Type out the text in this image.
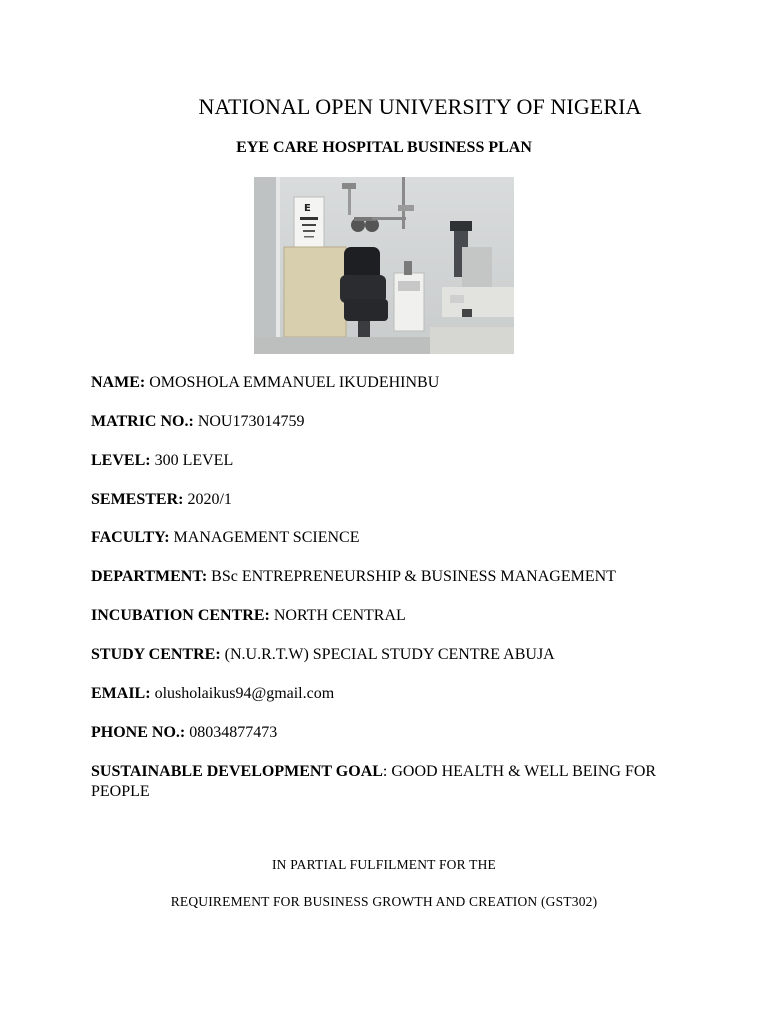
NATIONAL OPEN UNIVERSITY OF NIGERIA
EYE CARE HOSPITAL BUSINESS PLAN
E
NAME: OMOSHOLA EMMANUEL IKUDEHINBU
MATRIC NO.: NOU173014759
LEVEL: 300 LEVEL
SEMESTER: 2020/1
FACULTY: MANAGEMENT SCIENCE
DEPARTMENT: BSc ENTREPRENEURSHIP & BUSINESS MANAGEMENT
INCUBATION CENTRE: NORTH CENTRAL
STUDY CENTRE: (N.U.R.T.W) SPECIAL STUDY CENTRE ABUJA
EMAIL: olusholaikus94@gmail.com
PHONE NO.: 08034877473
SUSTAINABLE DEVELOPMENT GOAL: GOOD HEALTH & WELL BEING FOR PEOPLE
IN PARTIAL FULFILMENT FOR THE
REQUIREMENT FOR BUSINESS GROWTH AND CREATION (GST302)
